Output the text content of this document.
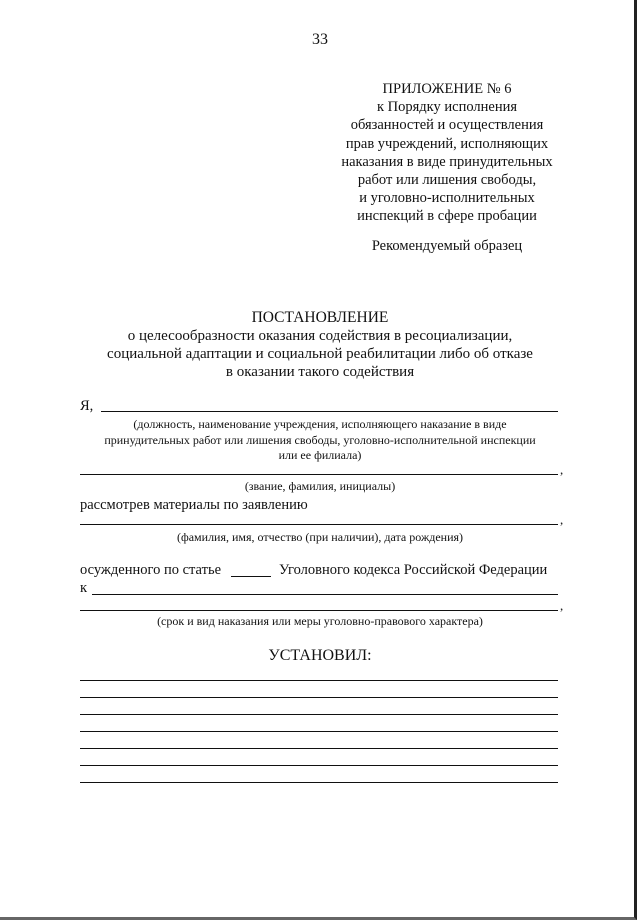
33
ПРИЛОЖЕНИЕ № 6
к Порядку исполнения
обязанностей и осуществления
прав учреждений, исполняющих
наказания в виде принудительных
работ или лишения свободы,
и уголовно-исполнительных
инспекций в сфере пробации
Рекомендуемый образец
ПОСТАНОВЛЕНИЕ
о целесообразности оказания содействия в ресоциализации,
социальной адаптации и социальной реабилитации либо об отказе
в оказании такого содействия
Я,
(должность, наименование учреждения, исполняющего наказание в виде
принудительных работ или лишения свободы, уголовно-исполнительной инспекции
или ее филиала)
,
(звание, фамилия, инициалы)
рассмотрев материалы по заявлению
,
(фамилия, имя, отчество (при наличии), дата рождения)
осужденного по статье	Уголовного кодекса Российской Федерации
к
,
(срок и вид наказания или меры уголовно-правового характера)
УСТАНОВИЛ:
